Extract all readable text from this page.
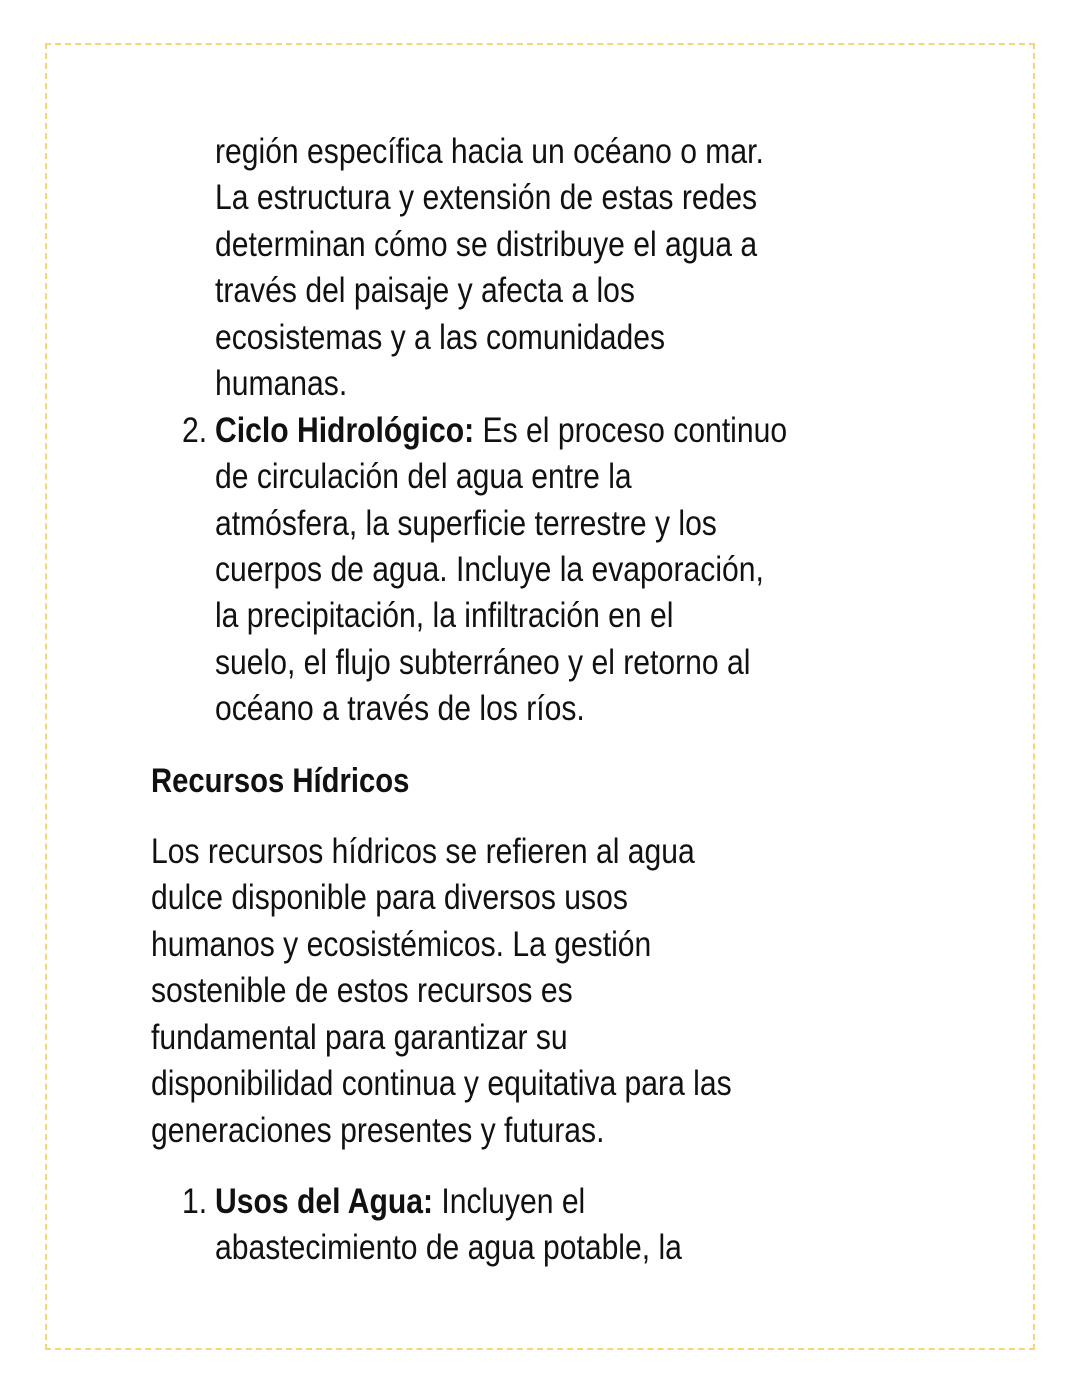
región específica hacia un océano o mar.
La estructura y extensión de estas redes
determinan cómo se distribuye el agua a
través del paisaje y afecta a los
ecosistemas y a las comunidades
humanas.
2. Ciclo Hidrológico: Es el proceso continuo
de circulación del agua entre la
atmósfera, la superficie terrestre y los
cuerpos de agua. Incluye la evaporación,
la precipitación, la infiltración en el
suelo, el flujo subterráneo y el retorno al
océano a través de los ríos.
Recursos Hídricos
Los recursos hídricos se refieren al agua
dulce disponible para diversos usos
humanos y ecosistémicos. La gestión
sostenible de estos recursos es
fundamental para garantizar su
disponibilidad continua y equitativa para las
generaciones presentes y futuras.
1. Usos del Agua: Incluyen el
abastecimiento de agua potable, la
